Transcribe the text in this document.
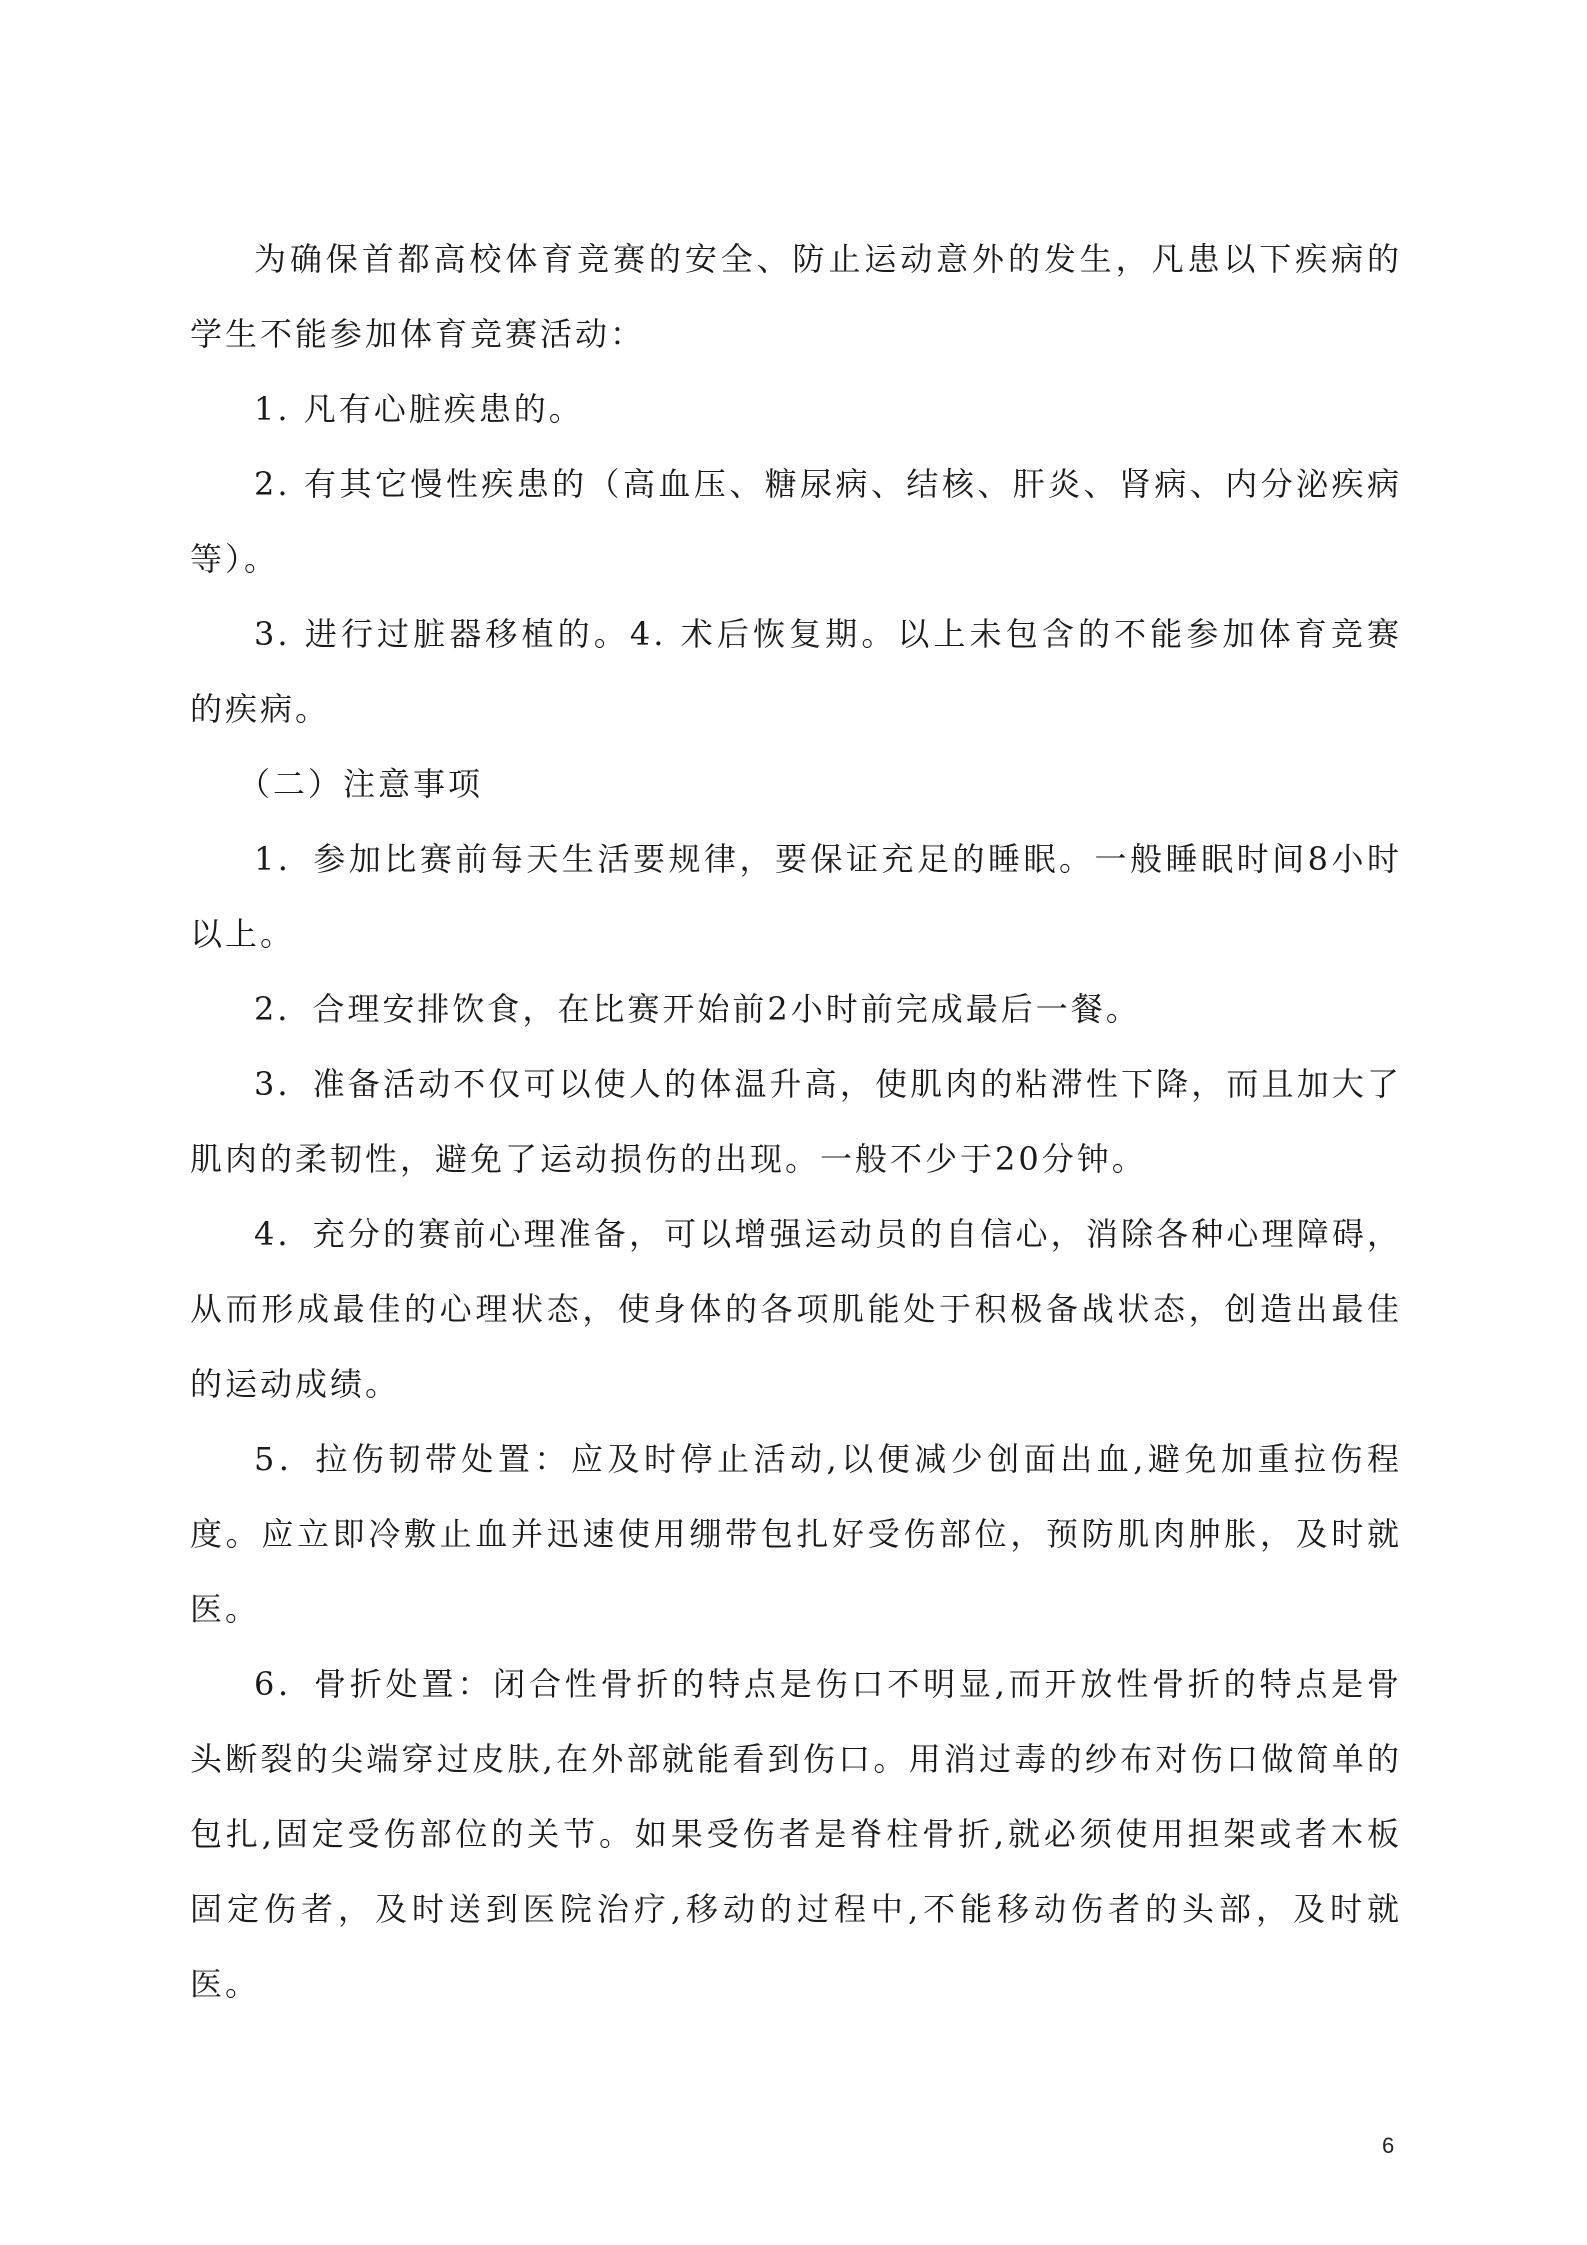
为确保首都高校体育竞赛的安全、防止运动意外的发生，凡患以下疾病的学生不能参加体育竞赛活动：

1. 凡有心脏疾患的。

2. 有其它慢性疾患的（高血压、糖尿病、结核、肝炎、肾病、内分泌疾病等）。

3. 进行过脏器移植的。4. 术后恢复期。以上未包含的不能参加体育竞赛的疾病。

（二）注意事项

1．参加比赛前每天生活要规律，要保证充足的睡眠。一般睡眠时间8小时以上。

2．合理安排饮食，在比赛开始前2小时前完成最后一餐。

3．准备活动不仅可以使人的体温升高，使肌肉的粘滞性下降，而且加大了肌肉的柔韧性，避免了运动损伤的出现。一般不少于20分钟。

4．充分的赛前心理准备，可以增强运动员的自信心，消除各种心理障碍，从而形成最佳的心理状态，使身体的各项肌能处于积极备战状态，创造出最佳的运动成绩。

5．拉伤韧带处置：应及时停止活动,以便减少创面出血,避免加重拉伤程度。应立即冷敷止血并迅速使用绷带包扎好受伤部位，预防肌肉肿胀，及时就医。

6．骨折处置：闭合性骨折的特点是伤口不明显,而开放性骨折的特点是骨头断裂的尖端穿过皮肤,在外部就能看到伤口。用消过毒的纱布对伤口做简单的包扎,固定受伤部位的关节。如果受伤者是脊柱骨折,就必须使用担架或者木板固定伤者，及时送到医院治疗,移动的过程中,不能移动伤者的头部，及时就医。

6
